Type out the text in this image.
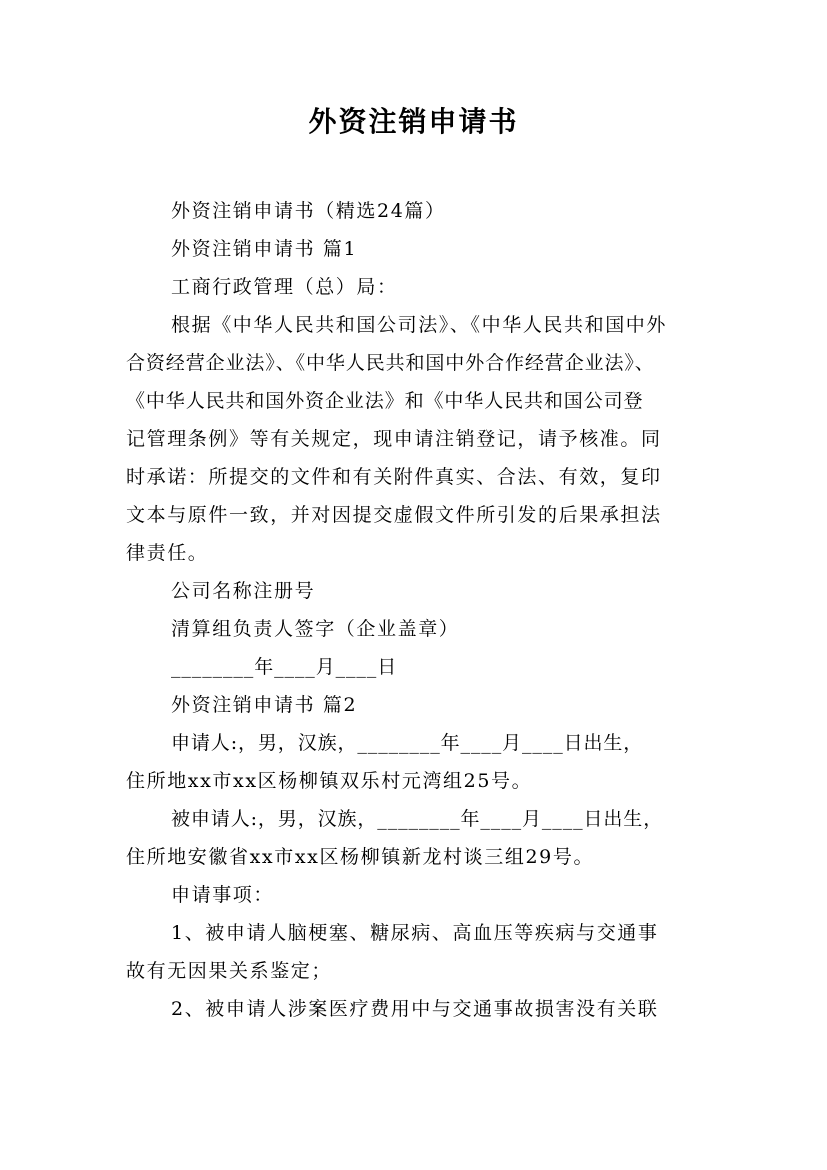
外资注销申请书
外资注销申请书（精选24篇）
外资注销申请书 篇1
工商行政管理（总）局：
根据《中华人民共和国公司法》、《中华人民共和国中外
合资经营企业法》、《中华人民共和国中外合作经营企业法》、
《中华人民共和国外资企业法》和《中华人民共和国公司登
记管理条例》等有关规定，现申请注销登记，请予核准。同
时承诺：所提交的文件和有关附件真实、合法、有效，复印
文本与原件一致，并对因提交虚假文件所引发的后果承担法
律责任。
公司名称注册号
清算组负责人签字（企业盖章）
________年____月____日
外资注销申请书 篇2
申请人:，男，汉族，________年____月____日出生，
住所地xx市xx区杨柳镇双乐村元湾组25号。
被申请人:，男，汉族，________年____月____日出生，
住所地安徽省xx市xx区杨柳镇新龙村谈三组29号。
申请事项：
1、被申请人脑梗塞、糖尿病、高血压等疾病与交通事
故有无因果关系鉴定；
2、被申请人涉案医疗费用中与交通事故损害没有关联
